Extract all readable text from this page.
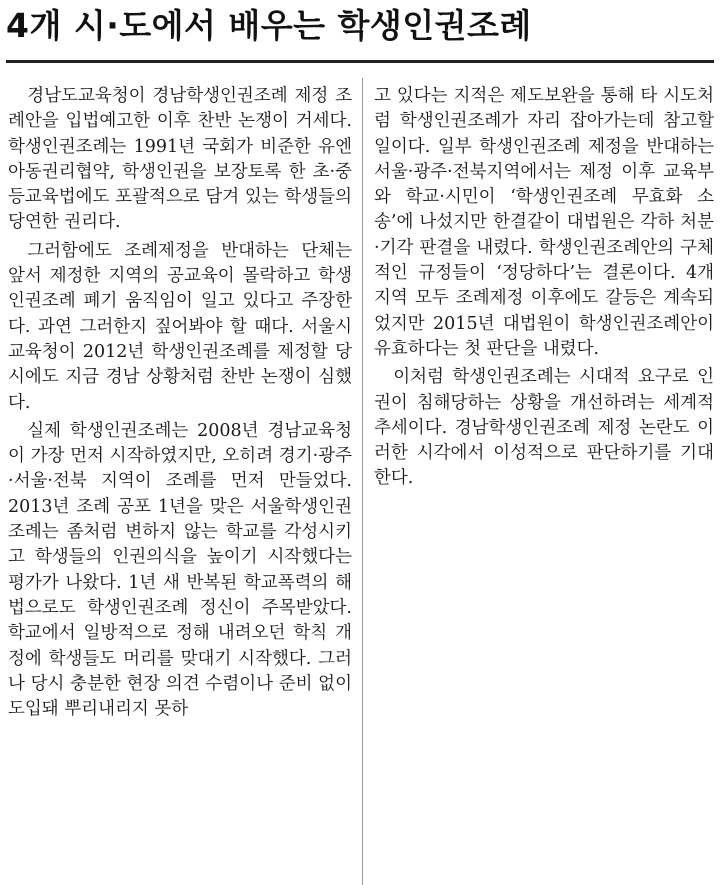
4개 시·도에서 배우는 학생인권조례

경남도교육청이 경남학생인권조례 제정 조례안을 입법예고한 이후 찬반 논쟁이 거세다. 학생인권조례는 1991년 국회가 비준한 유엔 아동권리협약, 학생인권을 보장토록 한 초·중등교육법에도 포괄적으로 담겨 있는 학생들의 당연한 권리다.

그러함에도 조례제정을 반대하는 단체는 앞서 제정한 지역의 공교육이 몰락하고 학생인권조례 폐기 움직임이 일고 있다고 주장한다. 과연 그러한지 짚어봐야 할 때다. 서울시교육청이 2012년 학생인권조례를 제정할 당시에도 지금 경남 상황처럼 찬반 논쟁이 심했다.

실제 학생인권조례는 2008년 경남교육청이 가장 먼저 시작하였지만, 오히려 경기·광주·서울·전북 지역이 조례를 먼저 만들었다. 2013년 조례 공포 1년을 맞은 서울학생인권조례는 좀처럼 변하지 않는 학교를 각성시키고 학생들의 인권의식을 높이기 시작했다는 평가가 나왔다. 1년 새 반복된 학교폭력의 해법으로도 학생인권조례 정신이 주목받았다. 학교에서 일방적으로 정해 내려오던 학칙 개정에 학생들도 머리를 맞대기 시작했다. 그러나 당시 충분한 현장 의견 수렴이나 준비 없이 도입돼 뿌리내리지 못하

고 있다는 지적은 제도보완을 통해 타 시도처럼 학생인권조례가 자리 잡아가는데 참고할 일이다. 일부 학생인권조례 제정을 반대하는 서울·광주·전북지역에서는 제정 이후 교육부와 학교·시민이 ‘학생인권조례 무효화 소송’에 나섰지만 한결같이 대법원은 각하 처분·기각 판결을 내렸다. 학생인권조례안의 구체적인 규정들이 ‘정당하다’는 결론이다. 4개 지역 모두 조례제정 이후에도 갈등은 계속되었지만 2015년 대법원이 학생인권조례안이 유효하다는 첫 판단을 내렸다.

이처럼 학생인권조례는 시대적 요구로 인권이 침해당하는 상황을 개선하려는 세계적 추세이다. 경남학생인권조례 제정 논란도 이러한 시각에서 이성적으로 판단하기를 기대한다.
